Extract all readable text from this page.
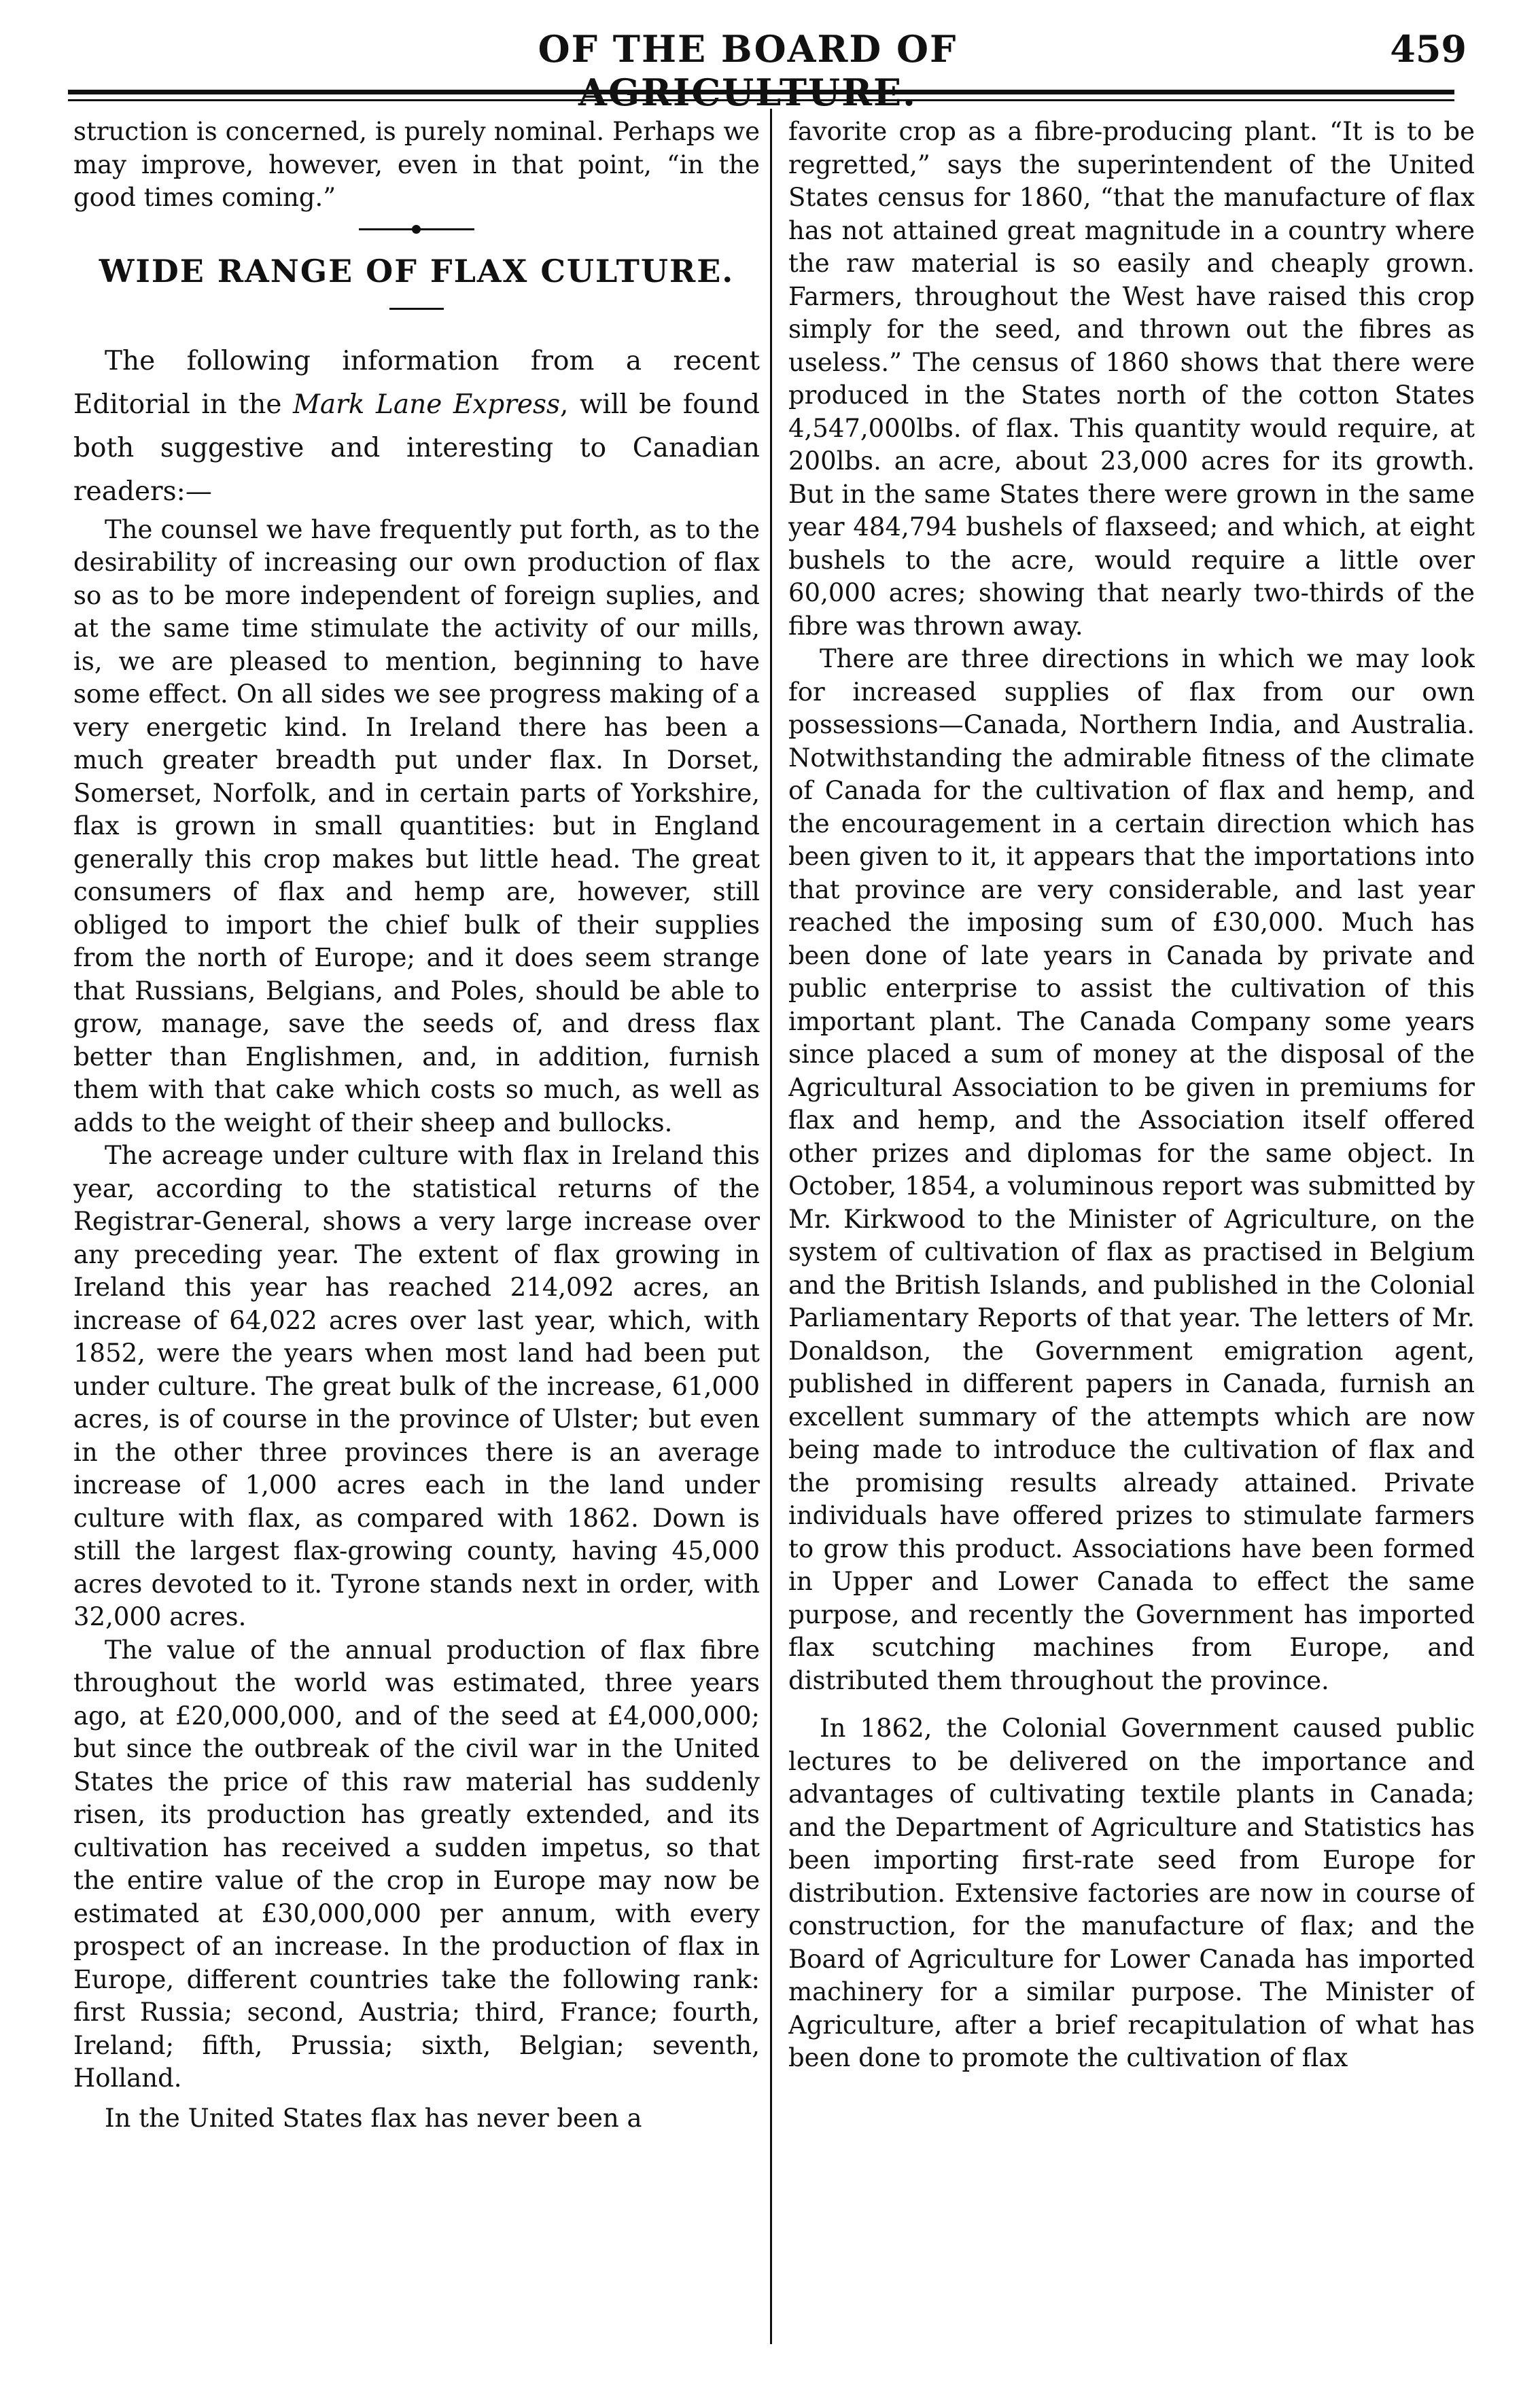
OF THE BOARD OF AGRICULTURE.
459

struction is concerned, is purely nominal. Perhaps we may improve, however, even in that point, “in the good times coming.”

WIDE RANGE OF FLAX CULTURE.

The following information from a recent Editorial in the Mark Lane Express, will be found both suggestive and interesting to Canadian readers:—

The counsel we have frequently put forth, as to the desirability of increasing our own production of flax so as to be more independent of foreign suplies, and at the same time stimulate the activity of our mills, is, we are pleased to mention, beginning to have some effect. On all sides we see progress making of a very energetic kind. In Ireland there has been a much greater breadth put under flax. In Dorset, Somerset, Norfolk, and in certain parts of Yorkshire, flax is grown in small quantities: but in England generally this crop makes but little head. The great consumers of flax and hemp are, however, still obliged to import the chief bulk of their supplies from the north of Europe; and it does seem strange that Russians, Belgians, and Poles, should be able to grow, manage, save the seeds of, and dress flax better than Englishmen, and, in addition, furnish them with that cake which costs so much, as well as adds to the weight of their sheep and bullocks.

The acreage under culture with flax in Ireland this year, according to the statistical returns of the Registrar-General, shows a very large increase over any preceding year. The extent of flax growing in Ireland this year has reached 214,092 acres, an increase of 64,022 acres over last year, which, with 1852, were the years when most land had been put under culture. The great bulk of the increase, 61,000 acres, is of course in the province of Ulster; but even in the other three provinces there is an average increase of 1,000 acres each in the land under culture with flax, as compared with 1862. Down is still the largest flax-growing county, having 45,000 acres devoted to it. Tyrone stands next in order, with 32,000 acres.

The value of the annual production of flax fibre throughout the world was estimated, three years ago, at £20,000,000, and of the seed at £4,000,000; but since the outbreak of the civil war in the United States the price of this raw material has suddenly risen, its production has greatly extended, and its cultivation has received a sudden impetus, so that the entire value of the crop in Europe may now be estimated at £30,000,000 per annum, with every prospect of an increase. In the production of flax in Europe, different countries take the following rank: first Russia; second, Austria; third, France; fourth, Ireland; fifth, Prussia; sixth, Belgian; seventh, Holland.

In the United States flax has never been a

favorite crop as a fibre-producing plant. “It is to be regretted,” says the superintendent of the United States census for 1860, “that the manufacture of flax has not attained great magnitude in a country where the raw material is so easily and cheaply grown. Farmers, throughout the West have raised this crop simply for the seed, and thrown out the fibres as useless.” The census of 1860 shows that there were produced in the States north of the cotton States 4,547,000lbs. of flax. This quantity would require, at 200lbs. an acre, about 23,000 acres for its growth. But in the same States there were grown in the same year 484,794 bushels of flaxseed; and which, at eight bushels to the acre, would require a little over 60,000 acres; showing that nearly two-thirds of the fibre was thrown away.

There are three directions in which we may look for increased supplies of flax from our own possessions—Canada, Northern India, and Australia. Notwithstanding the admirable fitness of the climate of Canada for the cultivation of flax and hemp, and the encouragement in a certain direction which has been given to it, it appears that the importations into that province are very considerable, and last year reached the imposing sum of £30,000. Much has been done of late years in Canada by private and public enterprise to assist the cultivation of this important plant. The Canada Company some years since placed a sum of money at the disposal of the Agricultural Association to be given in premiums for flax and hemp, and the Association itself offered other prizes and diplomas for the same object. In October, 1854, a voluminous report was submitted by Mr. Kirkwood to the Minister of Agriculture, on the system of cultivation of flax as practised in Belgium and the British Islands, and published in the Colonial Parliamentary Reports of that year. The letters of Mr. Donaldson, the Government emigration agent, published in different papers in Canada, furnish an excellent summary of the attempts which are now being made to introduce the cultivation of flax and the promising results already attained. Private individuals have offered prizes to stimulate farmers to grow this product. Associations have been formed in Upper and Lower Canada to effect the same purpose, and recently the Government has imported flax scutching machines from Europe, and distributed them throughout the province.

In 1862, the Colonial Government caused public lectures to be delivered on the importance and advantages of cultivating textile plants in Canada; and the Department of Agriculture and Statistics has been importing first-rate seed from Europe for distribution. Extensive factories are now in course of construction, for the manufacture of flax; and the Board of Agriculture for Lower Canada has imported machinery for a similar purpose. The Minister of Agriculture, after a brief recapitulation of what has been done to promote the cultivation of flax
